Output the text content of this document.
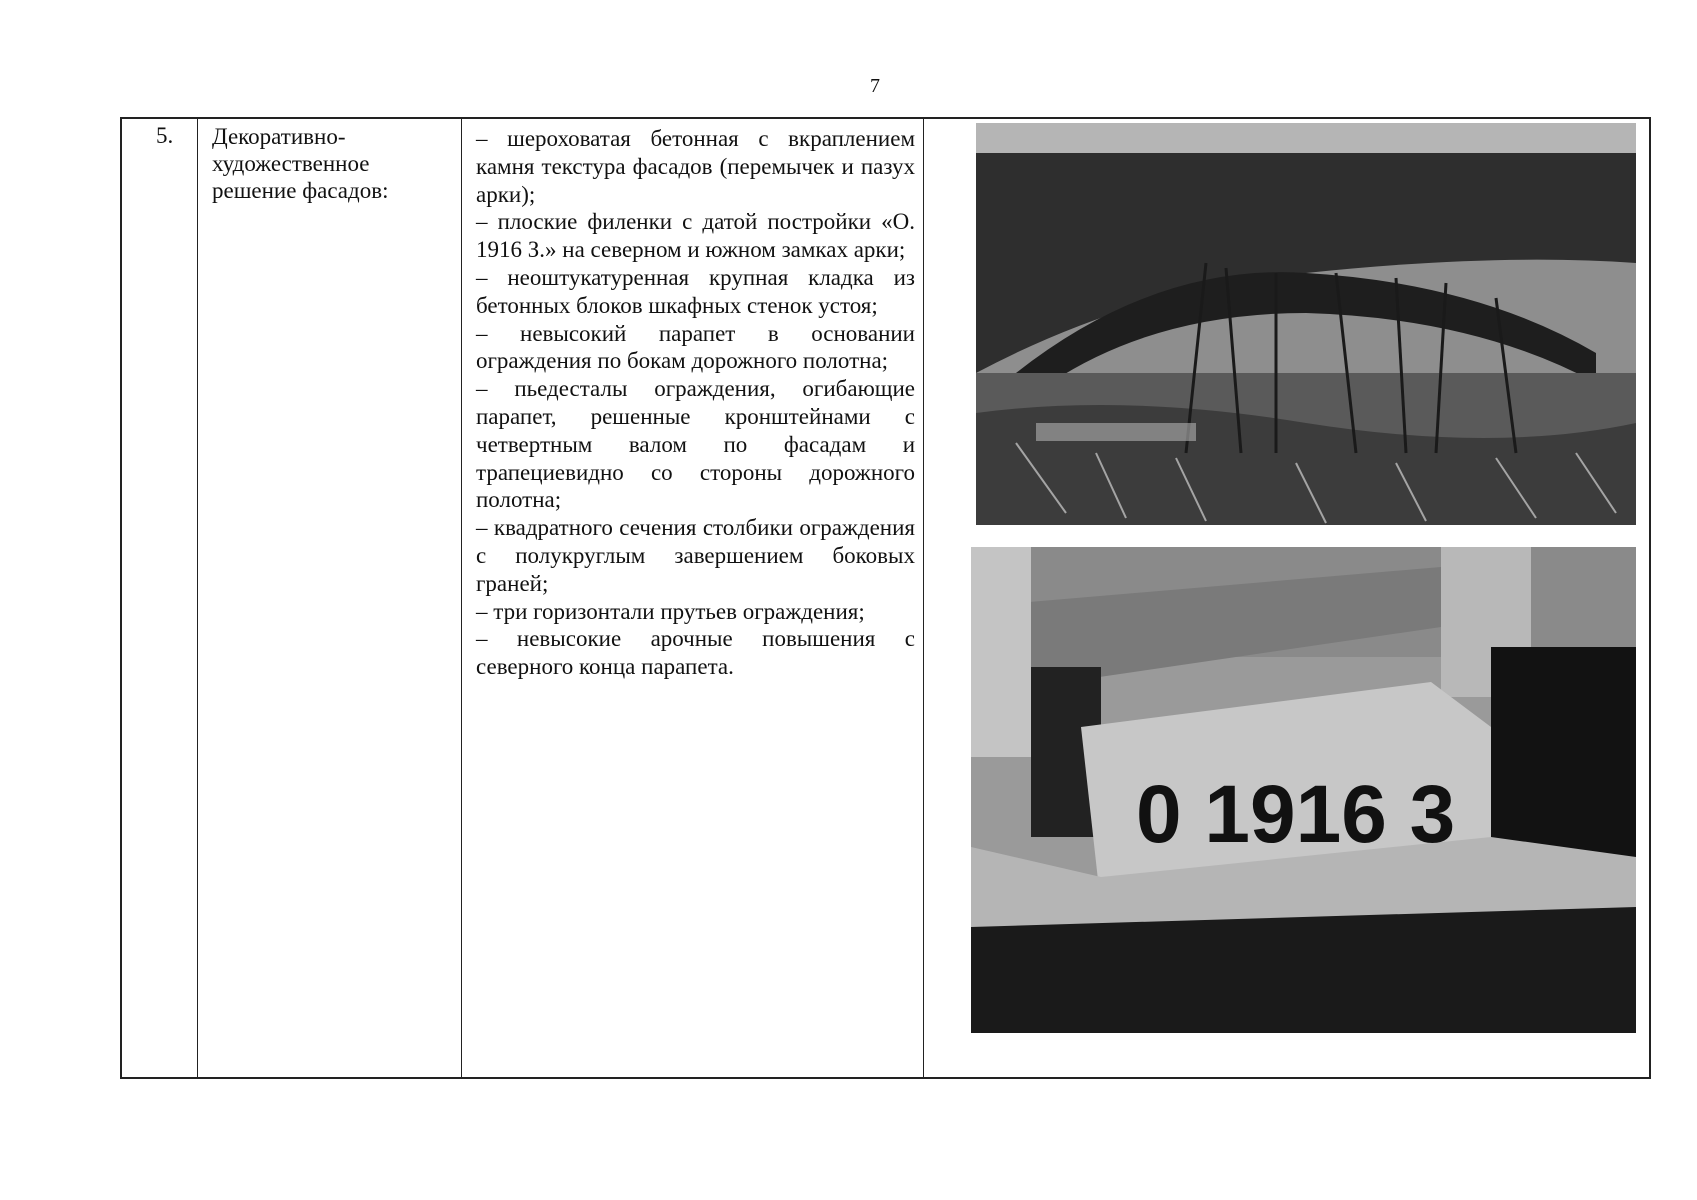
7
5.	Декоративно-художественное решение фасадов:

– шероховатая бетонная с вкраплением камня текстура фасадов (перемычек и пазух арки);

– плоские филенки с датой постройки «О. 1916 З.» на северном и южном замках арки;

– неоштукатуренная крупная кладка из бетонных блоков шкафных стенок устоя;

– невысокий парапет в основании ограждения по бокам дорожного полотна;

– пьедесталы ограждения, огибающие парапет, решенные кронштейнами с четвертным валом по фасадам и трапециевидно со стороны дорожного полотна;

– квадратного сечения столбики ограждения с полукруглым завершением боковых граней;

– три горизонтали прутьев ограждения;

– невысокие арочные повышения с северного конца парапета.

0 1916 3
